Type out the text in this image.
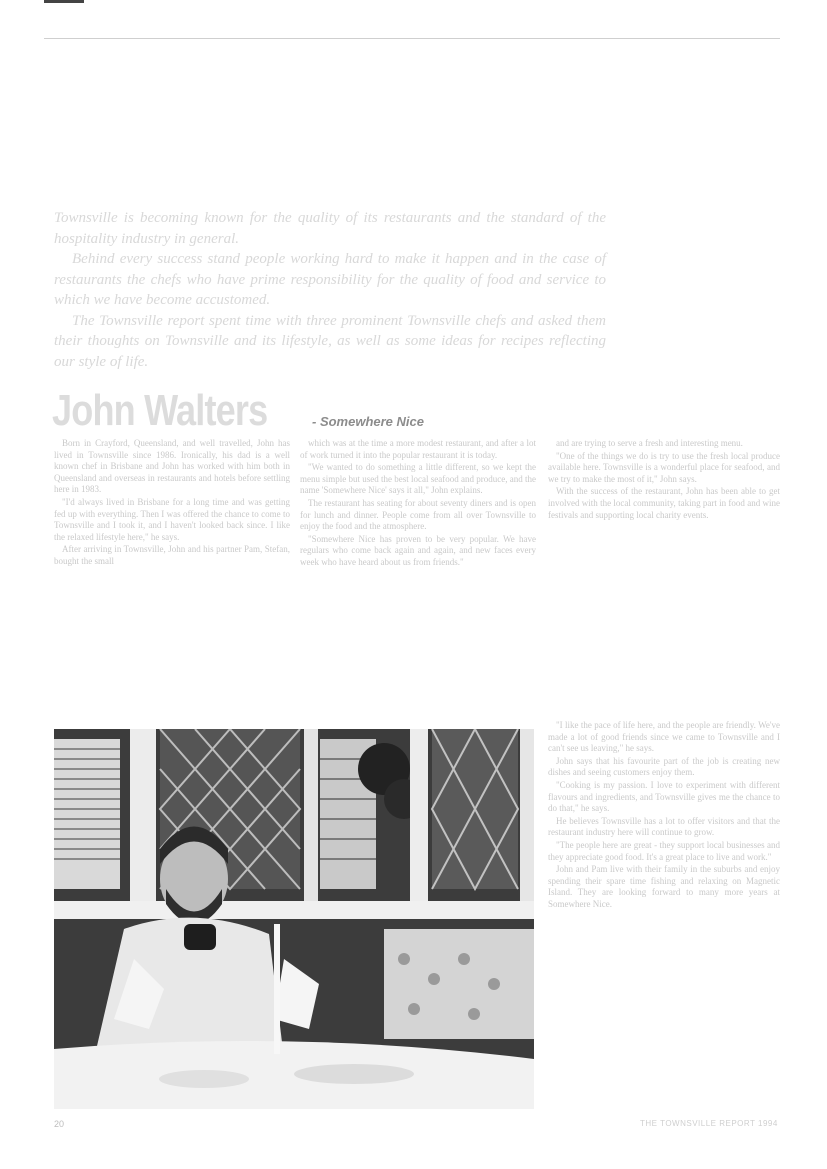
Townsville is becoming known for the quality of its restaurants and the standard of the hospitality industry in general.

Behind every success stand people working hard to make it happen and in the case of restaurants the chefs who have prime responsibility for the quality of food and service to which we have become accustomed.

The Townsville report spent time with three prominent Townsville chefs and asked them their thoughts on Townsville and its lifestyle, as well as some ideas for recipes reflecting our style of life.

John Walters	- Somewhere Nice

Born in Crayford, Queensland, and well travelled, John has lived in Townsville since 1986. Ironically, his dad is a well known chef in Brisbane and John has worked with him both in Queensland and overseas in restaurants and hotels before settling here in 1983.

"I'd always lived in Brisbane for a long time and was getting fed up with everything. Then I was offered the chance to come to Townsville and I took it, and I haven't looked back since. I like the relaxed lifestyle here," he says.

After arriving in Townsville, John and his partner Pam, Stefan, bought the small

which was at the time a more modest restaurant, and after a lot of work turned it into the popular restaurant it is today.

"We wanted to do something a little different, so we kept the menu simple but used the best local seafood and produce, and the name 'Somewhere Nice' says it all," John explains.

The restaurant has seating for about seventy diners and is open for lunch and dinner. People come from all over Townsville to enjoy the food and the atmosphere.

"Somewhere Nice has proven to be very popular. We have regulars who come back again and again, and new faces every week who have heard about us from friends."

and are trying to serve a fresh and interesting menu.

"One of the things we do is try to use the fresh local produce available here. Townsville is a wonderful place for seafood, and we try to make the most of it," John says.

With the success of the restaurant, John has been able to get involved with the local community, taking part in food and wine festivals and supporting local charity events.

"I like the pace of life here, and the people are friendly. We've made a lot of good friends since we came to Townsville and I can't see us leaving," he says.

John says that his favourite part of the job is creating new dishes and seeing customers enjoy them.

"Cooking is my passion. I love to experiment with different flavours and ingredients, and Townsville gives me the chance to do that," he says.

He believes Townsville has a lot to offer visitors and that the restaurant industry here will continue to grow.

"The people here are great - they support local businesses and they appreciate good food. It's a great place to live and work."

John and Pam live with their family in the suburbs and enjoy spending their spare time fishing and relaxing on Magnetic Island. They are looking forward to many more years at Somewhere Nice.

20	THE TOWNSVILLE REPORT 1994
